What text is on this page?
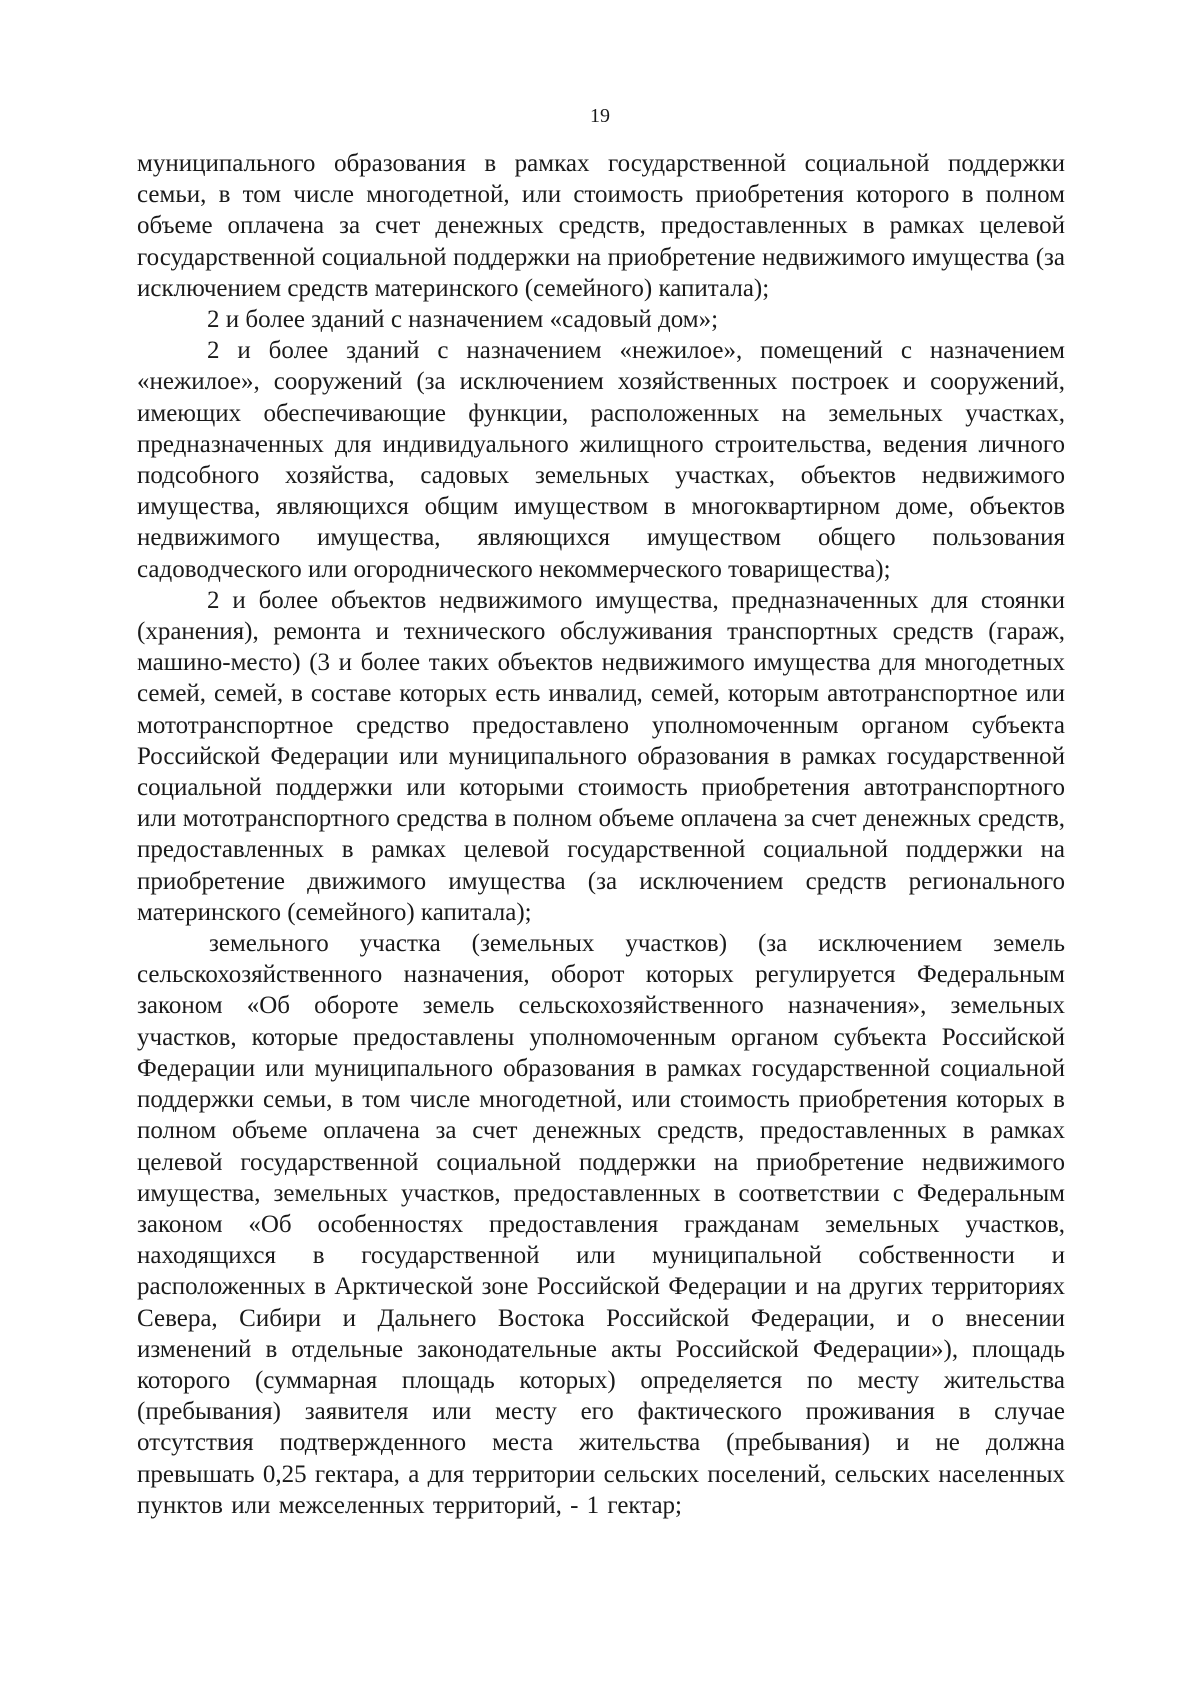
19

муниципального образования в рамках государственной социальной поддержки семьи, в том числе многодетной, или стоимость приобретения которого в полном объеме оплачена за счет денежных средств, предоставленных в рамках целевой государственной социальной поддержки на приобретение недвижимого имущества (за исключением средств материнского (семейного) капитала);

2 и более зданий с назначением «садовый дом»;

2 и более зданий с назначением «нежилое», помещений с назначением «нежилое», сооружений (за исключением хозяйственных построек и сооружений, имеющих обеспечивающие функции, расположенных на земельных участках, предназначенных для индивидуального жилищного строительства, ведения личного подсобного хозяйства, садовых земельных участках, объектов недвижимого имущества, являющихся общим имуществом в многоквартирном доме, объектов недвижимого имущества, являющихся имуществом общего пользования садоводческого или огороднического некоммерческого товарищества);

2 и более объектов недвижимого имущества, предназначенных для стоянки (хранения), ремонта и технического обслуживания транспортных средств (гараж, машино-место) (3 и более таких объектов недвижимого имущества для многодетных семей, семей, в составе которых есть инвалид, семей, которым автотранспортное или мототранспортное средство предоставлено уполномоченным органом субъекта Российской Федерации или муниципального образования в рамках государственной социальной поддержки или которыми стоимость приобретения автотранспортного или мототранспортного средства в полном объеме оплачена за счет денежных средств, предоставленных в рамках целевой государственной социальной поддержки на приобретение движимого имущества (за исключением средств регионального материнского (семейного) капитала);

земельного участка (земельных участков) (за исключением земель сельскохозяйственного назначения, оборот которых регулируется Федеральным законом «Об обороте земель сельскохозяйственного назначения», земельных участков, которые предоставлены уполномоченным органом субъекта Российской Федерации или муниципального образования в рамках государственной социальной поддержки семьи, в том числе многодетной, или стоимость приобретения которых в полном объеме оплачена за счет денежных средств, предоставленных в рамках целевой государственной социальной поддержки на приобретение недвижимого имущества, земельных участков, предоставленных в соответствии с Федеральным законом «Об особенностях предоставления гражданам земельных участков, находящихся в государственной или муниципальной собственности и расположенных в Арктической зоне Российской Федерации и на других территориях Севера, Сибири и Дальнего Востока Российской Федерации, и о внесении изменений в отдельные законодательные акты Российской Федерации»), площадь которого (суммарная площадь которых) определяется по месту жительства (пребывания) заявителя или месту его фактического проживания в случае отсутствия подтвержденного места жительства (пребывания) и не должна превышать 0,25 гектара, а для территории сельских поселений, сельских населенных пунктов или межселенных территорий, - 1 гектар;
